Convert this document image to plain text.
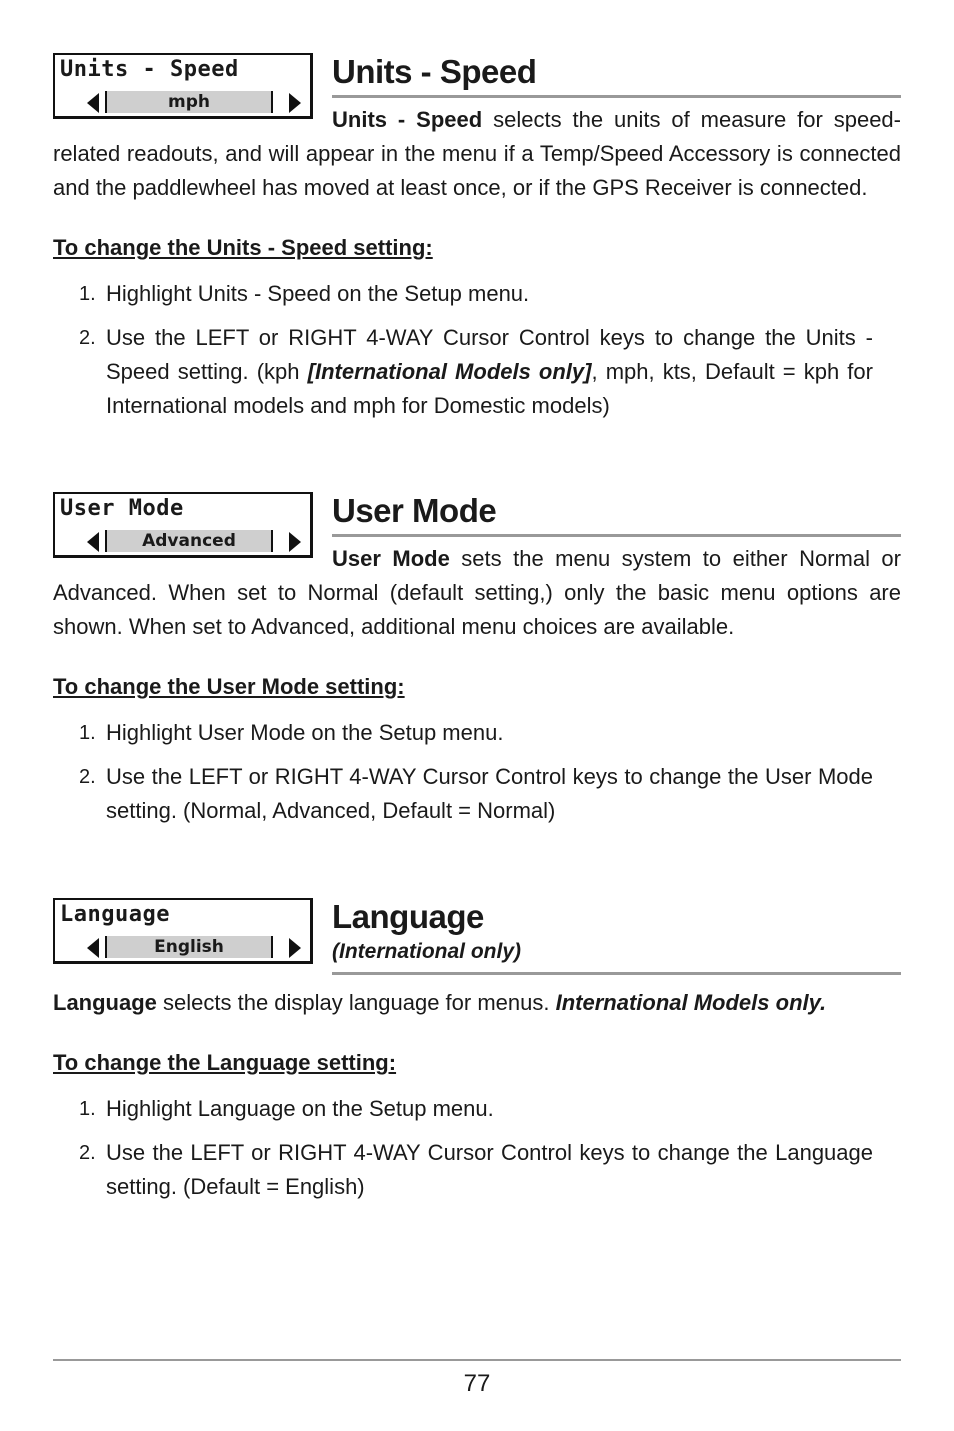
Units - Speed
mph
Units - Speed

Units - Speed selects the units of measure for speed-related readouts, and will appear in the menu if a Temp/Speed Accessory is connected and the paddlewheel has moved at least once, or if the GPS Receiver is connected.

To change the Units - Speed setting:
1. Highlight Units - Speed on the Setup menu.
2. Use the LEFT or RIGHT 4-WAY Cursor Control keys to change the Units - Speed setting. (kph [International Models only], mph, kts, Default = kph for International models and mph for Domestic models)
User Mode
Advanced
User Mode

User Mode sets the menu system to either Normal or Advanced. When set to Normal (default setting,) only the basic menu options are shown. When set to Advanced, additional menu choices are available.

To change the User Mode setting:
1. Highlight User Mode on the Setup menu.
2. Use the LEFT or RIGHT 4-WAY Cursor Control keys to change the User Mode setting. (Normal, Advanced, Default = Normal)
Language
English
Language
(International only)

Language selects the display language for menus. International Models only.

To change the Language setting:
1. Highlight Language on the Setup menu.
2. Use the LEFT or RIGHT 4-WAY Cursor Control keys to change the Language setting. (Default = English)
77
